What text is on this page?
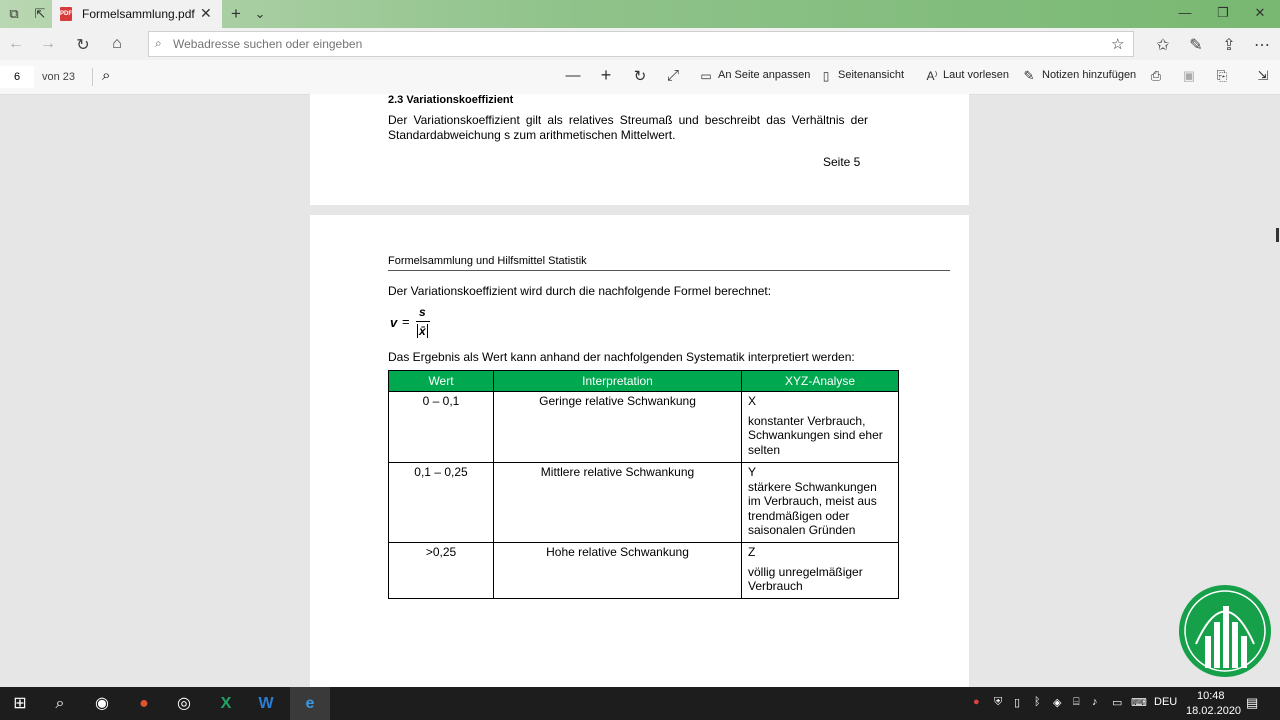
⧉ ⇱	PDF Formelsammlung.pdf ✕ + ⌄	—	❐	✕
← → ↻	⌂	⌕
Webadresse suchen oder eingeben	☆ ✩ ✎ ⇪ ⋯
6	von 23 ⌕	— +	↻ ⤢	▭ An Seite anpassen	▯ Seitenansicht	A⁾ Laut vorlesen	✎ Notizen hinzufügen	⎙	▣	⎘	⇲
2.3 Variationskoeffizient
Der Variationskoeffizient gilt als relatives Streumaß und beschreibt das Verhältnis der Standardabweichung s zum arithmetischen Mittelwert.
Seite 5
Formelsammlung und Hilfsmittel Statistik
Der Variationskoeffizient wird durch die nachfolgende Formel berechnet:
v =
s
x̄
Das Ergebnis als Wert kann anhand der nachfolgenden Systematik interpretiert werden:
Wert	Interpretation	XYZ-Analyse
0 – 0,1	Geringe relative Schwankung	X
konstanter Verbrauch, Schwankungen sind eher selten

0,1 – 0,25	Mittlere relative Schwankung	Y
stärkere Schwankungen im Verbrauch, meist aus trendmäßigen oder saisonalen Gründen

>0,25	Hohe relative Schwankung	Z
völlig unregelmäßiger Verbrauch
⊞	⌕	◉	●	◎	X	W	e	● ⛨ ▯ ᛒ ◈ ⌸ ♪ ▭ ⌨ DEU	▤
10:48
18.02.2020
